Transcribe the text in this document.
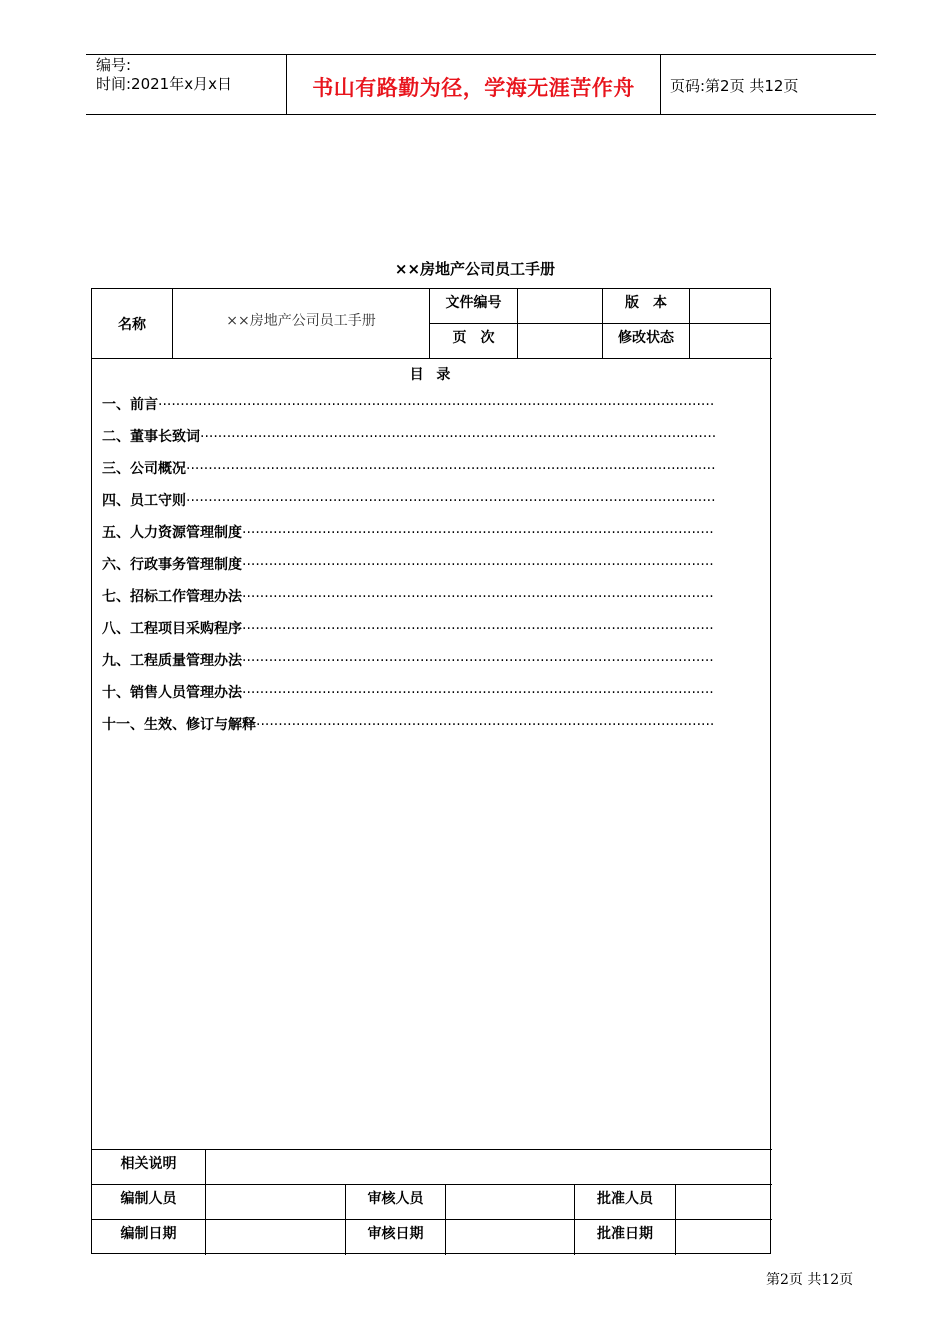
编号:
时间:2021年x月x日	书山有路勤为径，学海无涯苦作舟	页码:第2页 共12页
××房地产公司员工手册
名称	××房地产公司员工手册
文件编号	版　本
页　次	修改状态
目 录
一、前言·····························································································································
二、董事长致词····················································································································
三、公司概况·······················································································································
四、员工守则·······················································································································
五、人力资源管理制度··········································································································
六、行政事务管理制度··········································································································
七、招标工作管理办法··········································································································
八、工程项目采购程序··········································································································
九、工程质量管理办法··········································································································
十、销售人员管理办法··········································································································
十一、生效、修订与解释·······································································································
相关说明
编制人员	审核人员	批准人员
编制日期	审核日期	批准日期
第2页 共12页
